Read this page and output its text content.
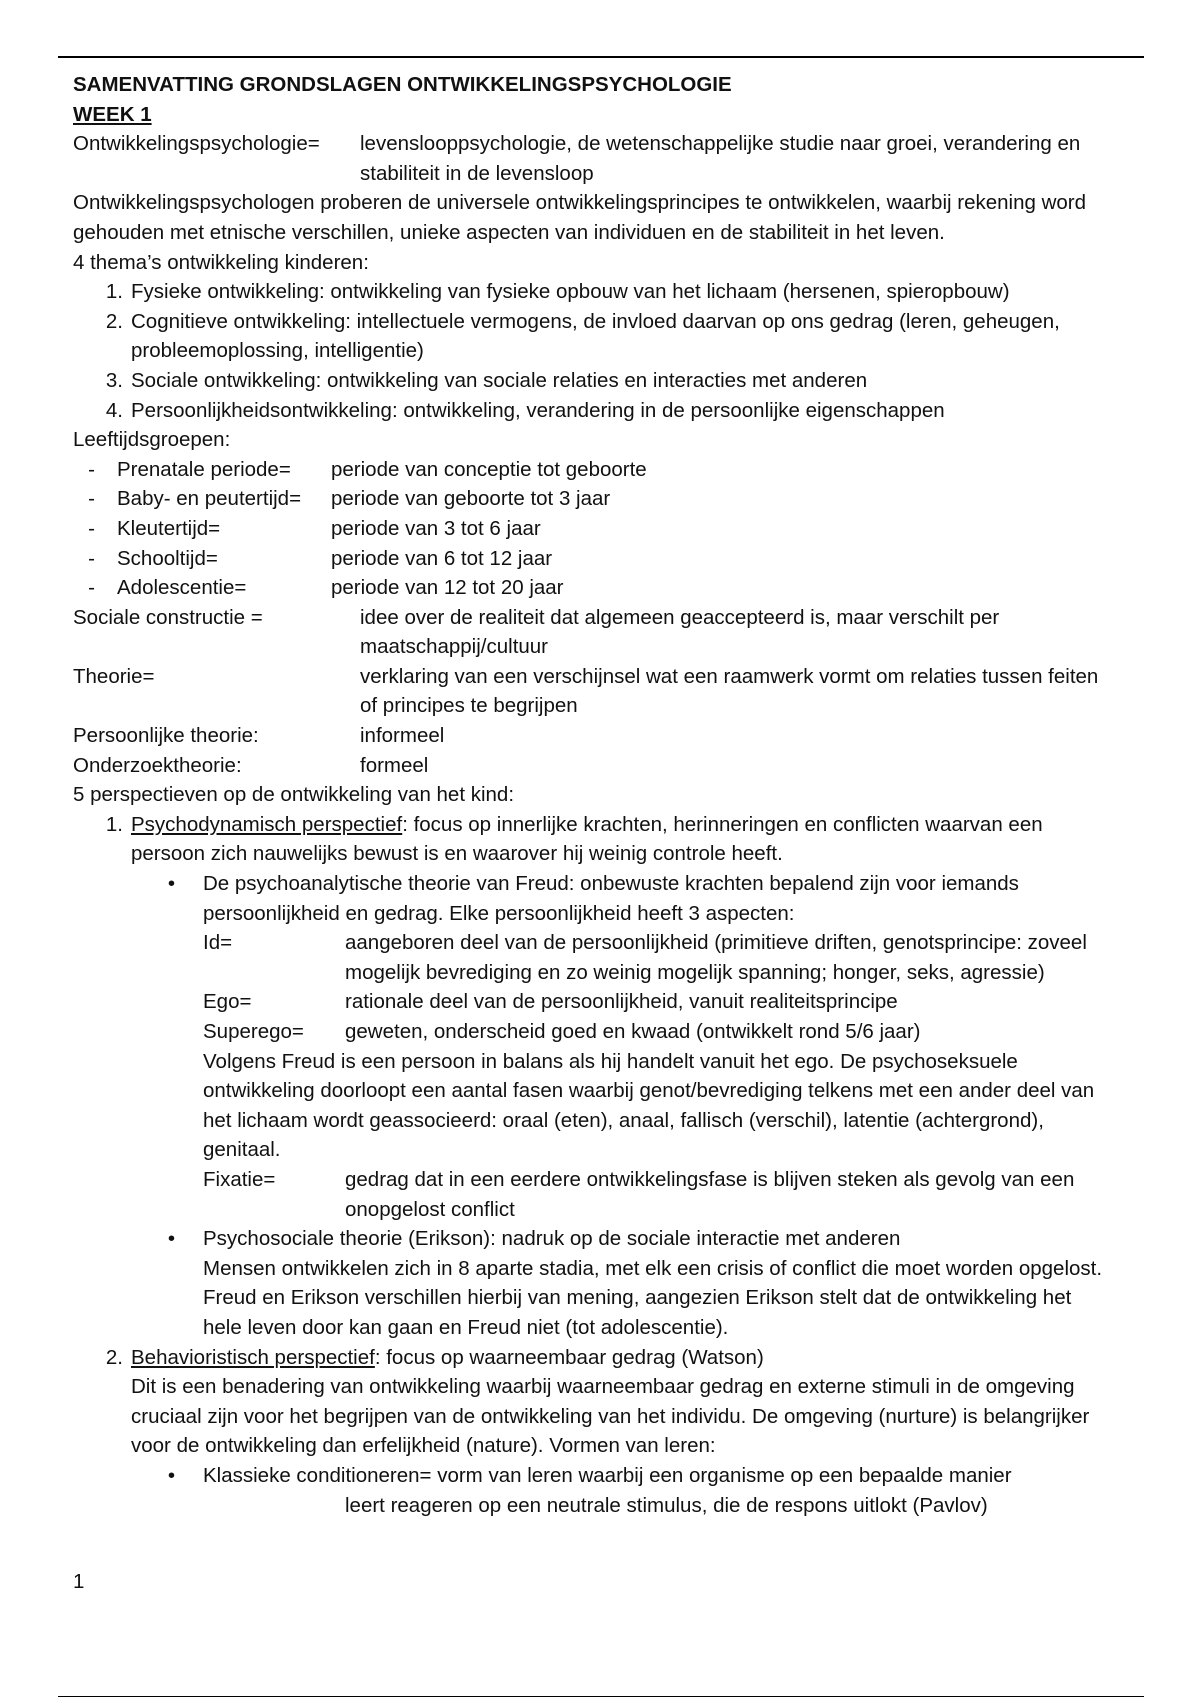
SAMENVATTING GRONDSLAGEN ONTWIKKELINGSPSYCHOLOGIE
WEEK 1
Ontwikkelingspsychologie=	levenslooppsychologie, de wetenschappelijke studie naar groei, verandering en stabiliteit in de levensloop
Ontwikkelingspsychologen proberen de universele ontwikkelingsprincipes te ontwikkelen, waarbij rekening word gehouden met etnische verschillen, unieke aspecten van individuen en de stabiliteit in het leven.
4 thema’s ontwikkeling kinderen:
1. Fysieke ontwikkeling: ontwikkeling van fysieke opbouw van het lichaam (hersenen, spieropbouw)
2. Cognitieve ontwikkeling: intellectuele vermogens, de invloed daarvan op ons gedrag (leren, geheugen, probleemoplossing, intelligentie)
3. Sociale ontwikkeling: ontwikkeling van sociale relaties en interacties met anderen
4. Persoonlijkheidsontwikkeling: ontwikkeling, verandering in de persoonlijke eigenschappen
Leeftijdsgroepen:
-	Prenatale periode=	periode van conceptie tot geboorte
-	Baby- en peutertijd=	periode van geboorte tot 3 jaar
-	Kleutertijd=	periode van 3 tot 6 jaar
-	Schooltijd=	periode van 6 tot 12 jaar
-	Adolescentie=	periode van 12 tot 20 jaar
Sociale constructie =	idee over de realiteit dat algemeen geaccepteerd is, maar verschilt per maatschappij/cultuur
Theorie=	verklaring van een verschijnsel wat een raamwerk vormt om relaties tussen feiten of principes te begrijpen
Persoonlijke theorie:	informeel
Onderzoektheorie:	formeel
5 perspectieven op de ontwikkeling van het kind:
1. Psychodynamisch perspectief: focus op innerlijke krachten, herinneringen en conflicten waarvan een persoon zich nauwelijks bewust is en waarover hij weinig controle heeft.
•	De psychoanalytische theorie van Freud: onbewuste krachten bepalend zijn voor iemands persoonlijkheid en gedrag. Elke persoonlijkheid heeft 3 aspecten:
Id=	aangeboren deel van de persoonlijkheid (primitieve driften, genotsprincipe: zoveel mogelijk bevrediging en zo weinig mogelijk spanning; honger, seks, agressie)
Ego=	rationale deel van de persoonlijkheid, vanuit realiteitsprincipe
Superego=	geweten, onderscheid goed en kwaad (ontwikkelt rond 5/6 jaar)
Volgens Freud is een persoon in balans als hij handelt vanuit het ego. De psychoseksuele ontwikkeling doorloopt een aantal fasen waarbij genot/bevrediging telkens met een ander deel van het lichaam wordt geassocieerd: oraal (eten), anaal, fallisch (verschil), latentie (achtergrond), genitaal.
Fixatie=	gedrag dat in een eerdere ontwikkelingsfase is blijven steken als gevolg van een onopgelost conflict
•	Psychosociale theorie (Erikson): nadruk op de sociale interactie met anderen
Mensen ontwikkelen zich in 8 aparte stadia, met elk een crisis of conflict die moet worden opgelost. Freud en Erikson verschillen hierbij van mening, aangezien Erikson stelt dat de ontwikkeling het hele leven door kan gaan en Freud niet (tot adolescentie).
2. Behavioristisch perspectief: focus op waarneembaar gedrag (Watson)
Dit is een benadering van ontwikkeling waarbij waarneembaar gedrag en externe stimuli in de omgeving cruciaal zijn voor het begrijpen van de ontwikkeling van het individu. De omgeving (nurture) is belangrijker voor de ontwikkeling dan erfelijkheid (nature). Vormen van leren:
•	Klassieke conditioneren= vorm van leren waarbij een organisme op een bepaalde manier
leert reageren op een neutrale stimulus, die de respons uitlokt (Pavlov)
1
